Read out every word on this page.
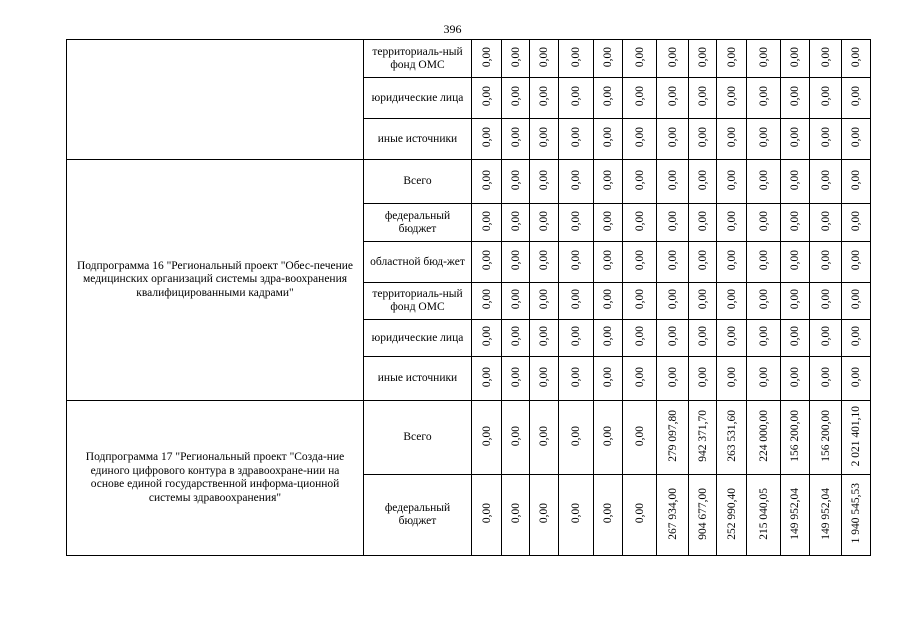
396
	территориаль-ный фонд ОМС	0,00	0,00	0,00	0,00	0,00	0,00	0,00	0,00	0,00	0,00	0,00	0,00	0,00
	юридические лица	0,00	0,00	0,00	0,00	0,00	0,00	0,00	0,00	0,00	0,00	0,00	0,00	0,00
	иные источники	0,00	0,00	0,00	0,00	0,00	0,00	0,00	0,00	0,00	0,00	0,00	0,00	0,00
Подпрограмма 16 "Региональный проект "Обес-печение медицинских организаций системы здра-воохранения квалифицированными кадрами"	Всего	0,00	0,00	0,00	0,00	0,00	0,00	0,00	0,00	0,00	0,00	0,00	0,00	0,00
	федеральный бюджет	0,00	0,00	0,00	0,00	0,00	0,00	0,00	0,00	0,00	0,00	0,00	0,00	0,00
	областной бюд-жет	0,00	0,00	0,00	0,00	0,00	0,00	0,00	0,00	0,00	0,00	0,00	0,00	0,00
	территориаль-ный фонд ОМС	0,00	0,00	0,00	0,00	0,00	0,00	0,00	0,00	0,00	0,00	0,00	0,00	0,00
	юридические лица	0,00	0,00	0,00	0,00	0,00	0,00	0,00	0,00	0,00	0,00	0,00	0,00	0,00
	иные источники	0,00	0,00	0,00	0,00	0,00	0,00	0,00	0,00	0,00	0,00	0,00	0,00	0,00
Подпрограмма 17 "Региональный проект "Созда-ние единого цифрового контура в здравоохране-нии на основе единой государственной информа-ционной системы здравоохранения"	Всего	0,00	0,00	0,00	0,00	0,00	0,00	279 097,80	942 371,70	263 531,60	224 000,00	156 200,00	156 200,00	2 021 401,10
	федеральный бюджет	0,00	0,00	0,00	0,00	0,00	0,00	267 934,00	904 677,00	252 990,40	215 040,05	149 952,04	149 952,04	1 940 545,53
